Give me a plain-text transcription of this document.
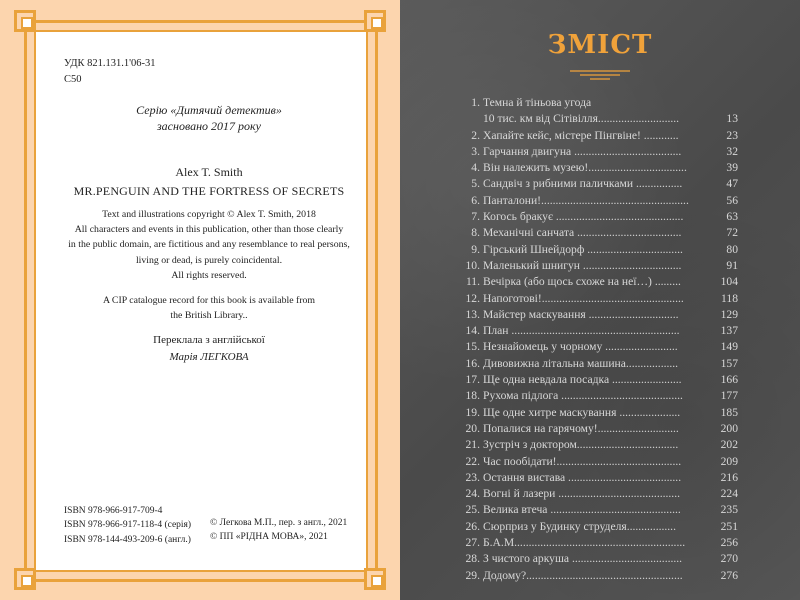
УДК 821.131.1'06-31
С50
Серію «Дитячий детектив»
засновано 2017 року
Alex T. Smith
MR.PENGUIN AND THE FORTRESS OF SECRETS
Text and illustrations copyright © Alex T. Smith, 2018
All characters and events in this publication, other than those clearly
in the public domain, are fictitious and any resemblance to real persons,
living or dead, is purely coincidental.
All rights reserved.
A CIP catalogue record for this book is available from
the British Library..
Переклала з англійської
Марія ЛЕГКОВА
ISBN 978-966-917-709-4
ISBN 978-966-917-118-4 (серія)
ISBN 978-144-493-209-6 (англ.)
© Легкова М.П., пер. з англ., 2021
© ПП «РІДНА МОВА», 2021
ЗМІСТ
1. Темна й тіньова угода
10 тис. км від Сітівілля............................	13
2. Хапайте кейс, містере Пінгвіне! ............	23
3. Гарчання двигуна .....................................	32
4. Він належить музею!..................................	39
5. Сандвіч з рибними паличками ................	47
6. Панталони!...................................................	56
7. Когось бракує ............................................	63
8. Механічні санчата ....................................	72
9. Гірський Шнейдорф .................................	80
10. Маленький шнигун ..................................	91
11. Вечірка (або щось схоже на неї…) .........	104
12. Напоготові!.................................................	118
13. Майстер маскування ...............................	129
14. План ..........................................................	137
15. Незнайомець у чорному .........................	149
16. Дивовижна літальна машина..................	157
17. Ще одна невдала посадка ........................	166
18. Рухома підлога ..........................................	177
19. Ще одне хитре маскування .....................	185
20. Попалися на гарячому!............................	200
21. Зустріч з доктором...................................	202
22. Час пообідати!...........................................	209
23. Остання вистава .......................................	216
24. Вогні й лазери ..........................................	224
25. Велика втеча .............................................	235
26. Сюрприз у Будинку струделя.................	251
27. Б.А.М...........................................................	256
28. З чистого аркуша ......................................	270
29. Додому?......................................................	276
